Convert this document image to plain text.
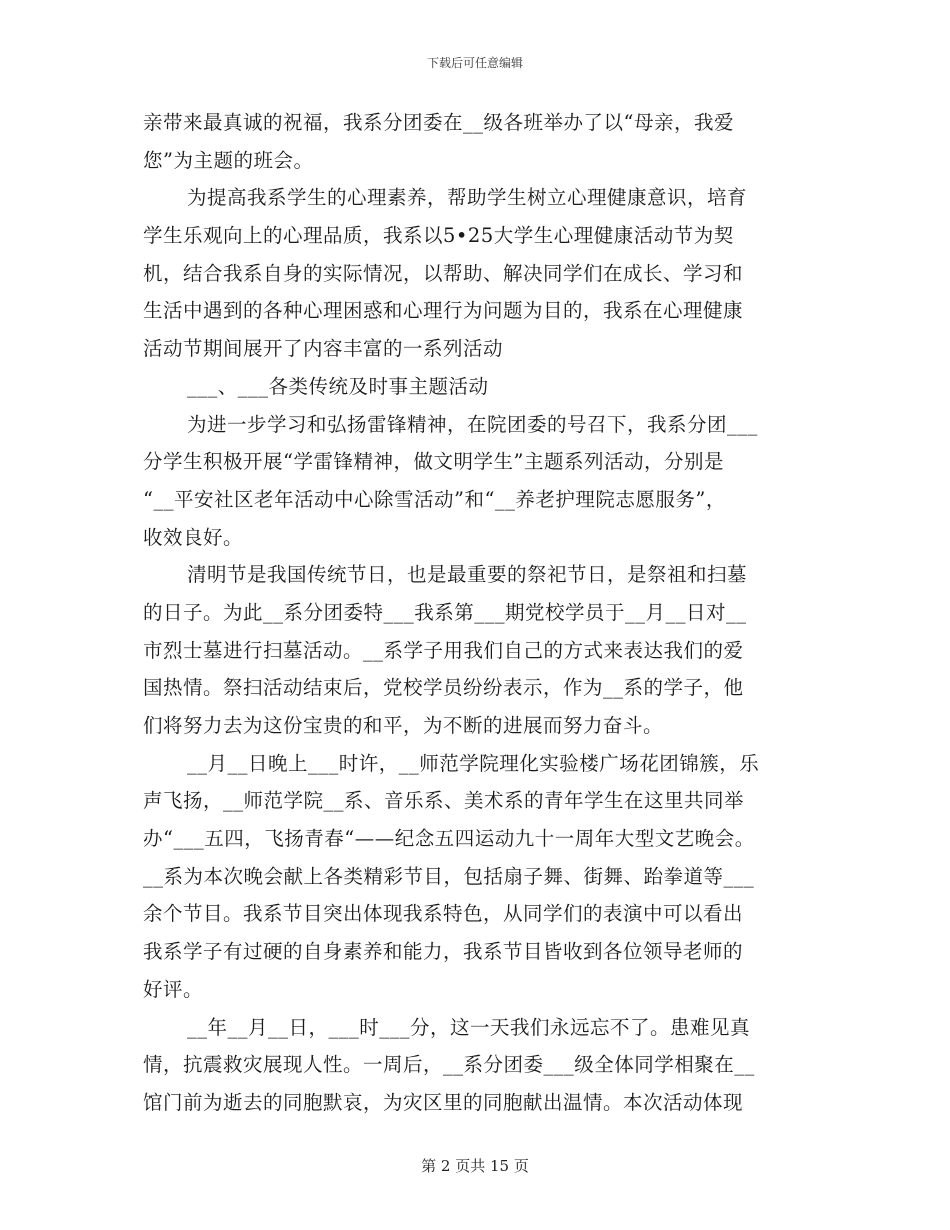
下载后可任意编辑
亲带来最真诚的祝福，我系分团委在__级各班举办了以“母亲，我爱
您”为主题的班会。
为提高我系学生的心理素养，帮助学生树立心理健康意识，培育
学生乐观向上的心理品质，我系以5•25大学生心理健康活动节为契
机，结合我系自身的实际情况，以帮助、解决同学们在成长、学习和
生活中遇到的各种心理困惑和心理行为问题为目的，我系在心理健康
活动节期间展开了内容丰富的一系列活动
___、___各类传统及时事主题活动
为进一步学习和弘扬雷锋精神，在院团委的号召下，我系分团___
分学生积极开展“学雷锋精神，做文明学生”主题系列活动，分别是
“__平安社区老年活动中心除雪活动”和“__养老护理院志愿服务”，
收效良好。
清明节是我国传统节日，也是最重要的祭祀节日，是祭祖和扫墓
的日子。为此__系分团委特___我系第___期党校学员于__月__日对__
市烈士墓进行扫墓活动。__系学子用我们自己的方式来表达我们的爱
国热情。祭扫活动结束后，党校学员纷纷表示，作为__系的学子，他
们将努力去为这份宝贵的和平，为不断的进展而努力奋斗。
__月__日晚上___时许，__师范学院理化实验楼广场花团锦簇，乐
声飞扬，__师范学院__系、音乐系、美术系的青年学生在这里共同举
办“___五四，飞扬青春“——纪念五四运动九十一周年大型文艺晚会。
__系为本次晚会献上各类精彩节目，包括扇子舞、街舞、跆拳道等___
余个节目。我系节目突出体现我系特色，从同学们的表演中可以看出
我系学子有过硬的自身素养和能力，我系节目皆收到各位领导老师的
好评。
__年__月__日，___时___分，这一天我们永远忘不了。患难见真
情，抗震救灾展现人性。一周后，__系分团委___级全体同学相聚在__
馆门前为逝去的同胞默哀，为灾区里的同胞献出温情。本次活动体现
第 2 页共 15 页
